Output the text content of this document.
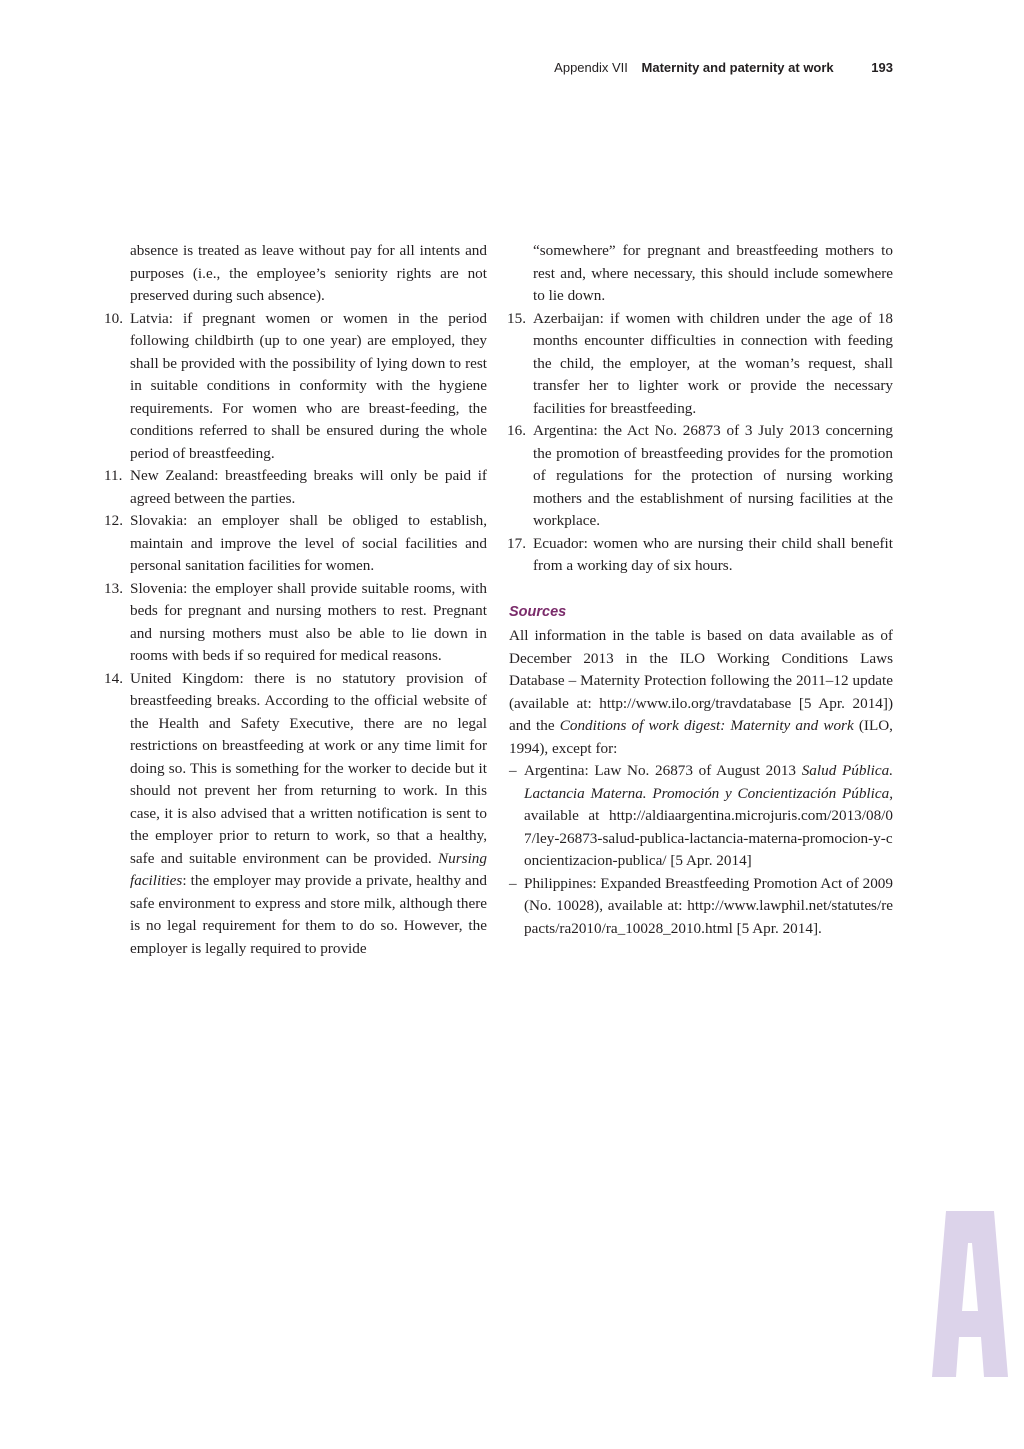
Appendix VII Maternity and paternity at work	193
absence is treated as leave without pay for all intents and purposes (i.e., the employee’s seniority rights are not preserved during such absence).
10. Latvia: if pregnant women or women in the period following childbirth (up to one year) are employed, they shall be provided with the possibility of lying down to rest in suitable conditions in conformity with the hygiene requirements. For women who are breast-feeding, the conditions referred to shall be ensured during the whole period of breastfeeding.
11. New Zealand: breastfeeding breaks will only be paid if agreed between the parties.
12. Slovakia: an employer shall be obliged to establish, maintain and improve the level of social facilities and personal sanitation facilities for women.
13. Slovenia: the employer shall provide suitable rooms, with beds for pregnant and nursing mothers to rest. Pregnant and nursing mothers must also be able to lie down in rooms with beds if so required for medical reasons.
14. United Kingdom: there is no statutory provision of breastfeeding breaks. According to the official website of the Health and Safety Executive, there are no legal restrictions on breastfeeding at work or any time limit for doing so. This is something for the worker to decide but it should not prevent her from returning to work. In this case, it is also advised that a written notification is sent to the employer prior to return to work, so that a healthy, safe and suitable environment can be provided. Nursing facilities: the employer may provide a private, healthy and safe environment to express and store milk, although there is no legal requirement for them to do so. However, the employer is legally required to provide
“somewhere” for pregnant and breastfeeding mothers to rest and, where necessary, this should include somewhere to lie down.
15. Azerbaijan: if women with children under the age of 18 months encounter difficulties in connection with feeding the child, the employer, at the woman’s request, shall transfer her to lighter work or provide the necessary facilities for breastfeeding.
16. Argentina: the Act No. 26873 of 3 July 2013 concerning the promotion of breastfeeding provides for the promotion of regulations for the protection of nursing working mothers and the establishment of nursing facilities at the workplace.
17. Ecuador: women who are nursing their child shall benefit from a working day of six hours.
Sources
All information in the table is based on data available as of December 2013 in the ILO Working Conditions Laws Database – Maternity Protection following the 2011–12 update (available at: http://www.ilo.org/travdatabase [5 Apr. 2014]) and the Conditions of work digest: Maternity and work (ILO, 1994), except for:
– Argentina: Law No. 26873 of August 2013 Salud Pública. Lactancia Materna. Promoción y Concientización Pública, available at http://aldiaargentina.microjuris.com/2013/08/07/ley-26873-salud-publica-lactancia-materna-promocion-y-concientizacion-publica/ [5 Apr. 2014]
– Philippines: Expanded Breastfeeding Promotion Act of 2009 (No. 10028), available at: http://www.lawphil.net/statutes/repacts/ra2010/ra_10028_2010.html [5 Apr. 2014].
